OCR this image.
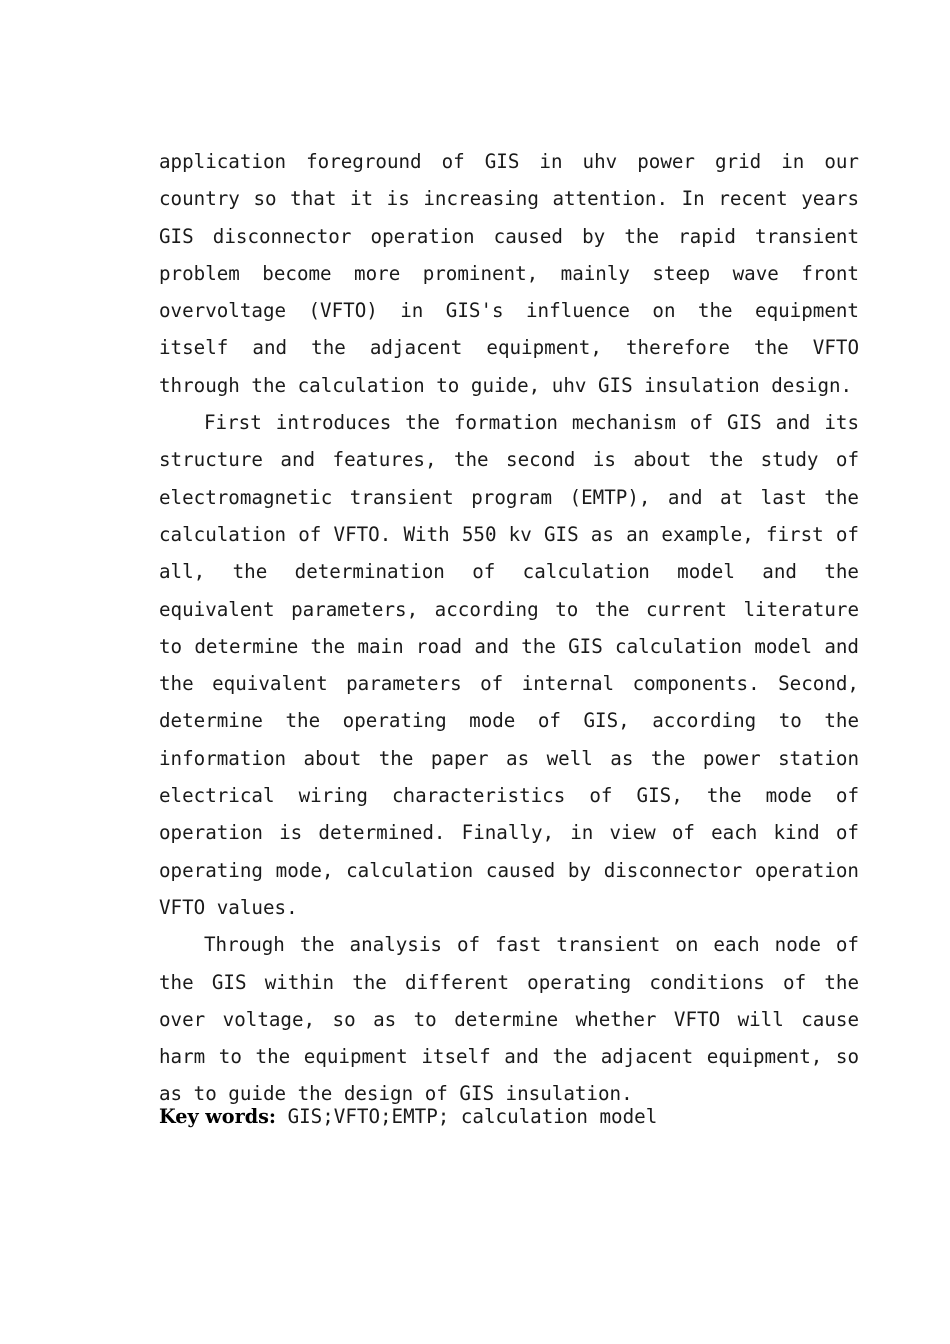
application foreground of GIS in uhv power grid in our country so that it is increasing attention. In recent years GIS disconnector operation caused by the rapid transient problem become more prominent, mainly steep wave front overvoltage (VFTO) in GIS's influence on the equipment itself and the adjacent equipment, therefore the VFTO through the calculation to guide, uhv GIS insulation design.

First introduces the formation mechanism of GIS and its structure and features, the second is about the study of electromagnetic transient program (EMTP), and at last the calculation of VFTO. With 550 kv GIS as an example, first of all, the determination of calculation model and the equivalent parameters, according to the current literature to determine the main road and the GIS calculation model and the equivalent parameters of internal components. Second, determine the operating mode of GIS, according to the information about the paper as well as the power station electrical wiring characteristics of GIS, the mode of operation is determined. Finally, in view of each kind of operating mode, calculation caused by disconnector operation VFTO values.

Through the analysis of fast transient on each node of the GIS within the different operating conditions of the over voltage, so as to determine whether VFTO will cause harm to the equipment itself and the adjacent equipment, so as to guide the design of GIS insulation.

Key words: GIS;VFTO;EMTP; calculation model
